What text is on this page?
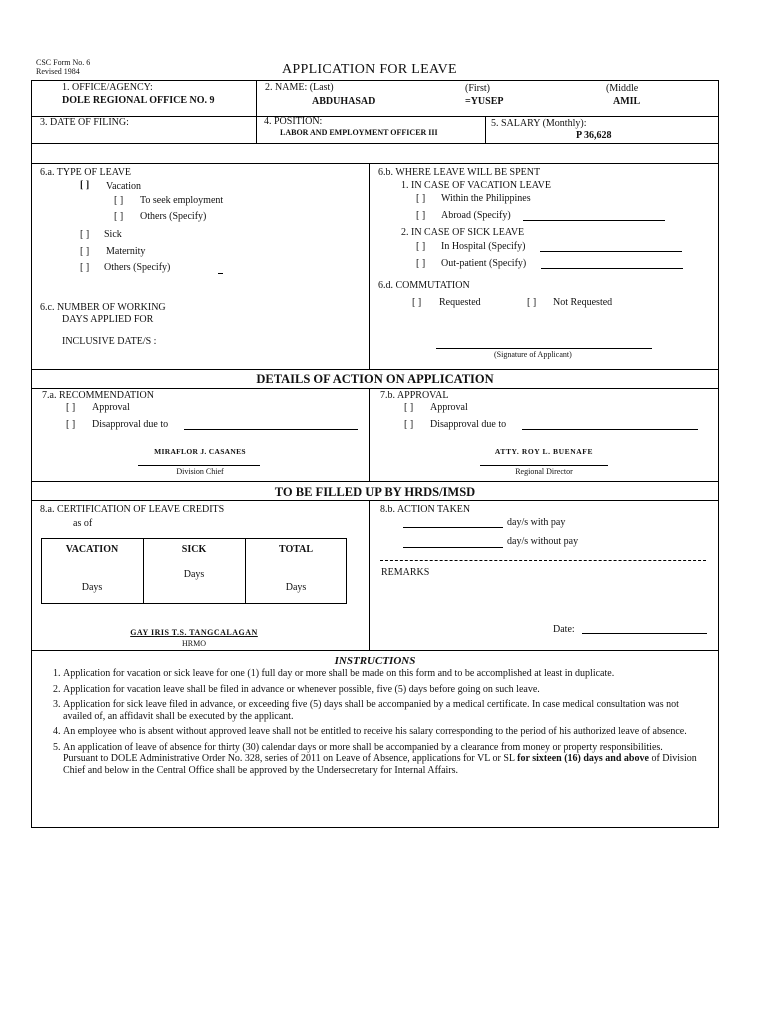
CSC Form No. 6
Revised 1984	APPLICATION FOR LEAVE
1. OFFICE/AGENCY:
DOLE REGIONAL OFFICE NO. 9
2. NAME: (Last)
ABDUHASAD
(First)
=YUSEP
(Middle
AMIL
3. DATE OF FILING:	4. POSITION:
LABOR AND EMPLOYMENT OFFICER III
5. SALARY (Monthly):
P 36,628
6.a. TYPE OF LEAVE
[ ] Vacation
[ ] To seek employment
[ ] Others (Specify)
[ ] Sick
[ ] Maternity
[ ] Others (Specify)
6.c. NUMBER OF WORKING
DAYS APPLIED FOR
INCLUSIVE DATE/S :
6.b. WHERE LEAVE WILL BE SPENT
1. IN CASE OF VACATION LEAVE
[ ] Within the Philippines
[ ] Abroad (Specify)
2. IN CASE OF SICK LEAVE
[ ] In Hospital (Specify)
[ ] Out-patient (Specify)
6.d. COMMUTATION
[ ] Requested	[ ] Not Requested
(Signature of Applicant)
DETAILS OF ACTION ON APPLICATION
7.a. RECOMMENDATION
[ ] Approval
[ ] Disapproval due to
MIRAFLOR J. CASANES
Division Chief
7.b. APPROVAL
[ ] Approval
[ ] Disapproval due to
ATTY. ROY L. BUENAFE
Regional Director
TO BE FILLED UP BY HRDS/IMSD
8.a. CERTIFICATION OF LEAVE CREDITS
as of
VACATION	SICK	TOTAL
Days
Days
Days
GAY IRIS T.S. TANGCALAGAN
HRMO
8.b. ACTION TAKEN
day/s with pay
day/s without pay
REMARKS
Date:
INSTRUCTIONS
1. Application for vacation or sick leave for one (1) full day or more shall be made on this form and to be accomplished at least in duplicate.
2. Application for vacation leave shall be filed in advance or whenever possible, five (5) days before going on such leave.
3. Application for sick leave filed in advance, or exceeding five (5) days shall be accompanied by a medical certificate. In case medical consultation was not availed of, an affidavit shall be executed by the applicant.
4. An employee who is absent without approved leave shall not be entitled to receive his salary corresponding to the period of his authorized leave of absence.
5. An application of leave of absence for thirty (30) calendar days or more shall be accompanied by a clearance from money or property responsibilities. Pursuant to DOLE Administrative Order No. 328, series of 2011 on Leave of Absence, applications for VL or SL for sixteen (16) days and above of Division Chief and below in the Central Office shall be approved by the Undersecretary for Internal Affairs.
